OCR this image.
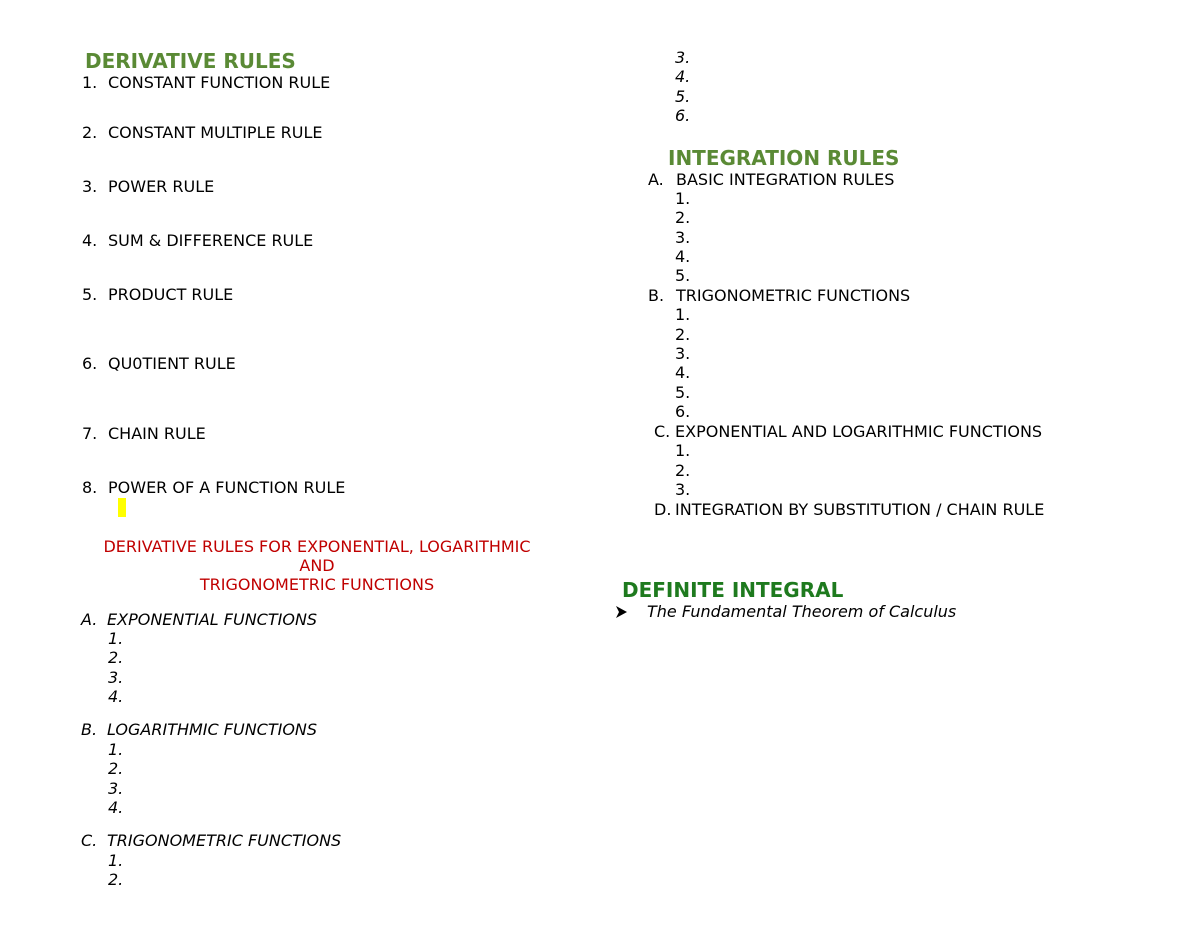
DERIVATIVE RULES
1. CONSTANT FUNCTION RULE
2. CONSTANT MULTIPLE RULE
3. POWER RULE
4. SUM & DIFFERENCE RULE
5. PRODUCT RULE
6. QU0TIENT RULE
7. CHAIN RULE
8. POWER OF A FUNCTION RULE
DERIVATIVE RULES FOR EXPONENTIAL, LOGARITHMIC
AND
TRIGONOMETRIC FUNCTIONS
A. EXPONENTIAL FUNCTIONS
1.
2.
3.
4.
B. LOGARITHMIC FUNCTIONS
1.
2.
3.
4.
C. TRIGONOMETRIC FUNCTIONS
1.
2.
3.
4.
5.
6.
INTEGRATION RULES
A. BASIC INTEGRATION RULES
1.
2.
3.
4.
5.
B. TRIGONOMETRIC FUNCTIONS
1.
2.
3.
4.
5.
6.
C. EXPONENTIAL AND LOGARITHMIC FUNCTIONS
1.
2.
3.
D. INTEGRATION BY SUBSTITUTION / CHAIN RULE
DEFINITE INTEGRAL
The Fundamental Theorem of Calculus
